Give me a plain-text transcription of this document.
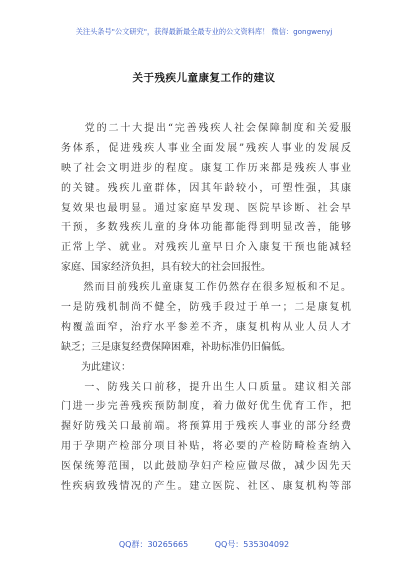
关注头条号"公文研究"，获得最新最全最专业的公文资料库！ 微信：gongwenyj
关于残疾儿童康复工作的建议
　　党的二十大提出“完善残疾人社会保障制度和关爱服
务体系，促进残疾人事业全面发展”残疾人事业的发展反
映了社会文明进步的程度。康复工作历来都是残疾人事业
的关键。残疾儿童群体，因其年龄较小，可塑性强，其康
复效果也最明显。通过家庭早发现、医院早诊断、社会早
干预，多数残疾儿童的身体功能都能得到明显改善，能够
正常上学、就业。对残疾儿童早日介入康复干预也能减轻
家庭、国家经济负担，具有较大的社会回报性。
　　然而目前残疾儿童康复工作仍然存在很多短板和不足。
一是防残机制尚不健全，防残手段过于单一；二是康复机
构覆盖面窄，治疗水平参差不齐，康复机构从业人员人才
缺乏；三是康复经费保障困难，补助标准仍旧偏低。
　　为此建议：
　　一、防残关口前移，提升出生人口质量。建议相关部
门进一步完善残疾预防制度，着力做好优生优育工作，把
握好防残关口最前端。将预算用于残疾人事业的部分经费
用于孕期产检部分项目补贴，将必要的产检防畸检查纳入
医保统筹范围，以此鼓励孕妇产检应做尽做，减少因先天
性疾病致残情况的产生。建立医院、社区、康复机构等部
QQ群：30265665	QQ号：535304092
